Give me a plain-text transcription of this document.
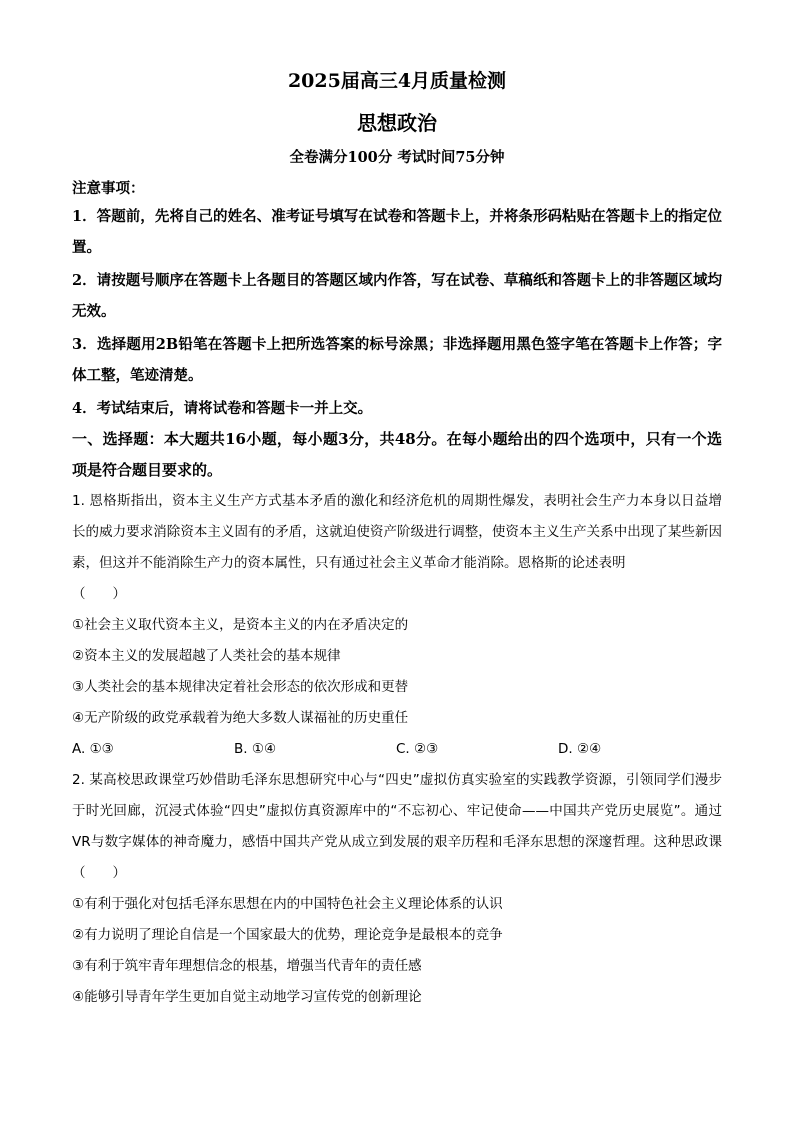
2025届高三4月质量检测
思想政治
全卷满分100分 考试时间75分钟
注意事项：
1．答题前，先将自己的姓名、准考证号填写在试卷和答题卡上，并将条形码粘贴在答题卡上的指定位置。
2．请按题号顺序在答题卡上各题目的答题区域内作答，写在试卷、草稿纸和答题卡上的非答题区域均无效。
3．选择题用2B铅笔在答题卡上把所选答案的标号涂黑；非选择题用黑色签字笔在答题卡上作答；字体工整，笔迹清楚。
4．考试结束后，请将试卷和答题卡一并上交。
一、选择题：本大题共16小题，每小题3分，共48分。在每小题给出的四个选项中，只有一个选项是符合题目要求的。
1. 恩格斯指出，资本主义生产方式基本矛盾的激化和经济危机的周期性爆发，表明社会生产力本身以日益增长的威力要求消除资本主义固有的矛盾，这就迫使资产阶级进行调整，使资本主义生产关系中出现了某些新因素，但这并不能消除生产力的资本属性，只有通过社会主义革命才能消除。恩格斯的论述表明
（　　）
①社会主义取代资本主义，是资本主义的内在矛盾决定的
②资本主义的发展超越了人类社会的基本规律
③人类社会的基本规律决定着社会形态的依次形成和更替
④无产阶级的政党承载着为绝大多数人谋福祉的历史重任
A. ①③	B. ①④	C. ②③	D. ②④
2. 某高校思政课堂巧妙借助毛泽东思想研究中心与“四史”虚拟仿真实验室的实践教学资源，引领同学们漫步于时光回廊，沉浸式体验“四史”虚拟仿真资源库中的“不忘初心、牢记使命——中国共产党历史展览”。通过VR与数字媒体的神奇魔力，感悟中国共产党从成立到发展的艰辛历程和毛泽东思想的深邃哲理。这种思政课（　　）
①有利于强化对包括毛泽东思想在内的中国特色社会主义理论体系的认识
②有力说明了理论自信是一个国家最大的优势，理论竞争是最根本的竞争
③有利于筑牢青年理想信念的根基，增强当代青年的责任感
④能够引导青年学生更加自觉主动地学习宣传党的创新理论
